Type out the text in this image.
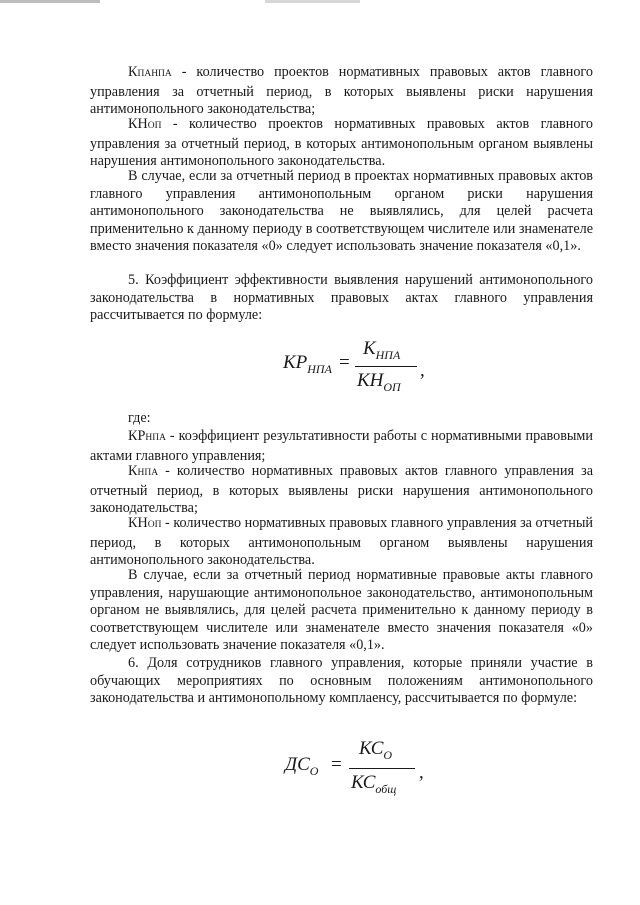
КПАНПА - количество проектов нормативных правовых актов главного управления за отчетный период, в которых выявлены риски нарушения антимонопольного законодательства;

КНОП - количество проектов нормативных правовых актов главного управления за отчетный период, в которых антимонопольным органом выявлены нарушения антимонопольного законодательства.

В случае, если за отчетный период в проектах нормативных правовых актов главного управления антимонопольным органом риски нарушения антимонопольного законодательства не выявлялись, для целей расчета применительно к данному периоду в соответствующем числителе или знаменателе вместо значения показателя «0» следует использовать значение показателя «0,1».

5. Коэффициент эффективности выявления нарушений антимонопольного законодательства в нормативных правовых актах главного управления рассчитывается по формуле:

$КР_{НПА}$ =
$К_{НПА}$
$КН_{ОП}$
,

где:

КРНПА - коэффициент результативности работы с нормативными правовыми актами главного управления;

КНПА - количество нормативных правовых актов главного управления за отчетный период, в которых выявлены риски нарушения антимонопольного законодательства;

КНОП - количество нормативных правовых главного управления за отчетный период, в которых антимонопольным органом выявлены нарушения антимонопольного законодательства.

В случае, если за отчетный период нормативные правовые акты главного управления, нарушающие антимонопольное законодательство, антимонопольным органом не выявлялись, для целей расчета применительно к данному периоду в соответствующем числителе или знаменателе вместо значения показателя «0» следует использовать значение показателя «0,1».

6. Доля сотрудников главного управления, которые приняли участие в обучающих мероприятиях по основным положениям антимонопольного законодательства и антимонопольному комплаенсу, рассчитывается по формуле:

$ДС_О$ =
$КС_О$
$КС_{общ}$
,
